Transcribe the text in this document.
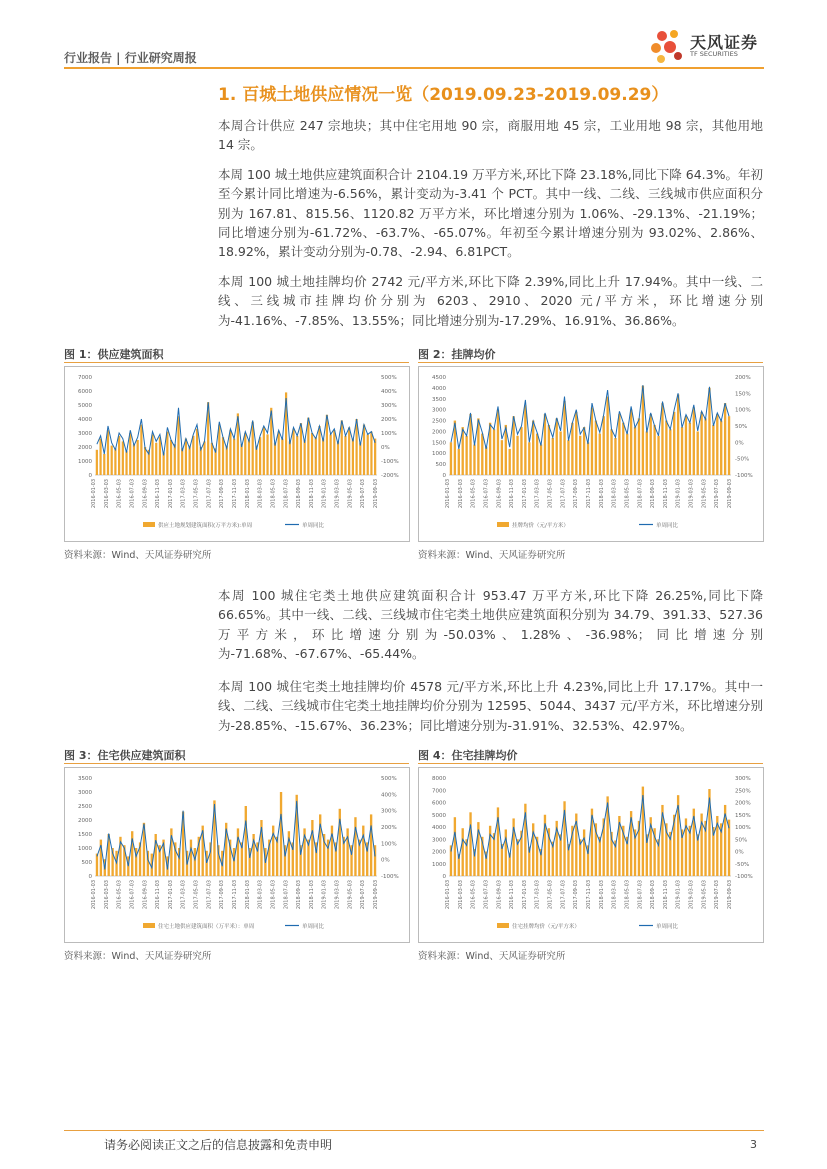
行业报告 | 行业研究周报
天风证券
TF SECURITIES
1. 百城土地供应情况一览（2019.09.23-2019.09.29）
本周合计供应 247 宗地块；其中住宅用地 90 宗，商服用地 45 宗，工业用地 98 宗，其他用地 14 宗。
本周 100 城土地供应建筑面积合计 2104.19 万平方米,环比下降 23.18%,同比下降 64.3%。年初至今累计同比增速为-6.56%，累计变动为-3.41 个 PCT。其中一线、二线、三线城市供应面积分别为 167.81、815.56、1120.82 万平方米，环比增速分别为 1.06%、-29.13%、-21.19%；同比增速分别为-61.72%、-63.7%、-65.07%。年初至今累计增速分别为 93.02%、2.86%、18.92%，累计变动分别为-0.78、-2.94、6.81PCT。
本周 100 城土地挂牌均价 2742 元/平方米,环比下降 2.39%,同比上升 17.94%。其中一线、二线、三线城市挂牌均价分别为 6203、2910、2020 元/平方米，环比增速分别为-41.16%、-7.85%、13.55%；同比增速分别为-17.29%、16.91%、36.86%。
图 1：供应建筑面积
7000
6000
5000
4000
3000
2000
1000
0
500%
400%
300%
200%
100%
0%
-100%
-200%
2016-01-03 2016-03-03 2016-05-03 2016-07-03 2016-09-03 2016-11-03 2017-01-03 2017-03-03 2017-05-03 2017-07-03 2017-09-03 2017-11-03 2018-01-03 2018-03-03 2018-05-03 2018-07-03 2018-09-03 2018-11-03 2019-01-03 2019-03-03 2019-05-03 2019-07-03 2019-09-03
供应土地规划建筑面积(万平方米):单周	单周同比
资料来源：Wind、天风证券研究所
图 2：挂牌均价
4500
4000
3500
3000
2500
2000
1500
1000
500
0
200%
150%
100%
50%
0%
-50%
-100%
2016-01-03 2016-03-03 2016-05-03 2016-07-03 2016-09-03 2016-11-03 2017-01-03 2017-03-03 2017-05-03 2017-07-03 2017-09-03 2017-11-03 2018-01-03 2018-03-03 2018-05-03 2018-07-03 2018-09-03 2018-11-03 2019-01-03 2019-03-03 2019-05-03 2019-07-03 2019-09-03
挂牌均价（元/平方米）	单周同比
资料来源：Wind、天风证券研究所
本周 100 城住宅类土地供应建筑面积合计 953.47 万平方米,环比下降 26.25%,同比下降 66.65%。其中一线、二线、三线城市住宅类土地供应建筑面积分别为 34.79、391.33、527.36 万平方米，环比增速分别为-50.03%、1.28%、-36.98%；同比增速分别为-71.68%、-67.67%、-65.44%。
本周 100 城住宅类土地挂牌均价 4578 元/平方米,环比上升 4.23%,同比上升 17.17%。其中一线、二线、三线城市住宅类土地挂牌均价分别为 12595、5044、3437 元/平方米，环比增速分别为-28.85%、-15.67%、36.23%；同比增速分别为-31.91%、32.53%、42.97%。
图 3：住宅供应建筑面积
3500
3000
2500
2000
1500
1000
500
0
500%
400%
300%
200%
100%
0%
-100%
2016-01-03 2016-03-03 2016-05-03 2016-07-03 2016-09-03 2016-11-03 2017-01-03 2017-03-03 2017-05-03 2017-07-03 2017-09-03 2017-11-03 2018-01-03 2018-03-03 2018-05-03 2018-07-03 2018-09-03 2018-11-03 2019-01-03 2019-03-03 2019-05-03 2019-07-03 2019-09-03
住宅土地供应建筑面积（万平米）：单周	单周同比
资料来源：Wind、天风证券研究所
图 4：住宅挂牌均价
8000
7000
6000
5000
4000
3000
2000
1000
0
300%
250%
200%
150%
100%
50%
0%
-50%
-100%
2016-01-03 2016-03-03 2016-05-03 2016-07-03 2016-09-03 2016-11-03 2017-01-03 2017-03-03 2017-05-03 2017-07-03 2017-09-03 2017-11-03 2018-01-03 2018-03-03 2018-05-03 2018-07-03 2018-09-03 2018-11-03 2019-01-03 2019-03-03 2019-05-03 2019-07-03 2019-09-03
住宅挂牌均价（元/平方米）	单周同比
资料来源：Wind、天风证券研究所
请务必阅读正文之后的信息披露和免责申明	3
